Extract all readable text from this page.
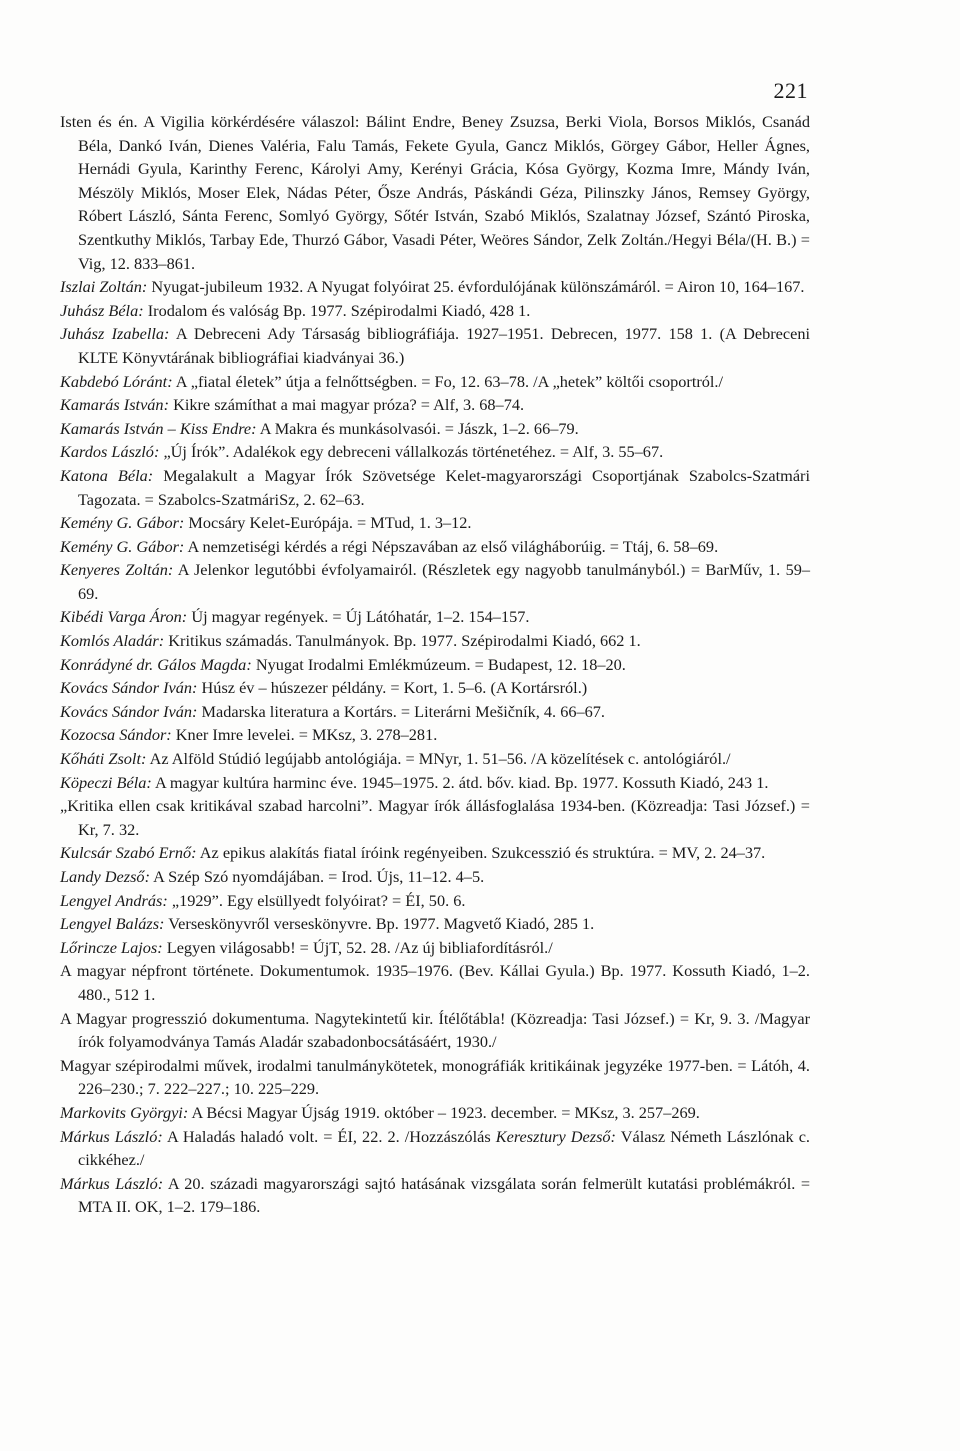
221
Isten és én. A Vigilia körkérdésére válaszol: Bálint Endre, Beney Zsuzsa, Berki Viola, Borsos Miklós, Csanád Béla, Dankó Iván, Dienes Valéria, Falu Tamás, Fekete Gyula, Gancz Miklós, Görgey Gábor, Heller Ágnes, Hernádi Gyula, Karinthy Ferenc, Károlyi Amy, Kerényi Grácia, Kósa György, Kozma Imre, Mándy Iván, Mészöly Miklós, Moser Elek, Nádas Péter, Ősze András, Páskándi Géza, Pilinszky János, Remsey György, Róbert László, Sánta Ferenc, Somlyó György, Sőtér István, Szabó Miklós, Szalatnay József, Szántó Piroska, Szentkuthy Miklós, Tarbay Ede, Thurzó Gábor, Vasadi Péter, Weöres Sándor, Zelk Zoltán./Hegyi Béla/(H. B.) = Vig, 12. 833–861.
Iszlai Zoltán: Nyugat-jubileum 1932. A Nyugat folyóirat 25. évfordulójának különszámáról. = Airon 10, 164–167.
Juhász Béla: Irodalom és valóság Bp. 1977. Szépirodalmi Kiadó, 428 1.
Juhász Izabella: A Debreceni Ady Társaság bibliográfiája. 1927–1951. Debrecen, 1977. 158 1. (A Debreceni KLTE Könyvtárának bibliográfiai kiadványai 36.)
Kabdebó Lóránt: A „fiatal életek” útja a felnőttségben. = Fo, 12. 63–78. /A „hetek” költői csoportról./
Kamarás István: Kikre számíthat a mai magyar próza? = Alf, 3. 68–74.
Kamarás István – Kiss Endre: A Makra és munkásolvasói. = Jászk, 1–2. 66–79.
Kardos László: „Új Írók”. Adalékok egy debreceni vállalkozás történetéhez. = Alf, 3. 55–67.
Katona Béla: Megalakult a Magyar Írók Szövetsége Kelet-magyarországi Csoportjának Szabolcs-Szatmári Tagozata. = Szabolcs-SzatmáriSz, 2. 62–63.
Kemény G. Gábor: Mocsáry Kelet-Európája. = MTud, 1. 3–12.
Kemény G. Gábor: A nemzetiségi kérdés a régi Népszavában az első világháborúig. = Ttáj, 6. 58–69.
Kenyeres Zoltán: A Jelenkor legutóbbi évfolyamairól. (Részletek egy nagyobb tanulmányból.) = BarMűv, 1. 59–69.
Kibédi Varga Áron: Új magyar regények. = Új Látóhatár, 1–2. 154–157.
Komlós Aladár: Kritikus számadás. Tanulmányok. Bp. 1977. Szépirodalmi Kiadó, 662 1.
Konrádyné dr. Gálos Magda: Nyugat Irodalmi Emlékmúzeum. = Budapest, 12. 18–20.
Kovács Sándor Iván: Húsz év – húszezer példány. = Kort, 1. 5–6. (A Kortársról.)
Kovács Sándor Iván: Madarska literatura a Kortárs. = Literárni Mešičník, 4. 66–67.
Kozocsa Sándor: Kner Imre levelei. = MKsz, 3. 278–281.
Kőháti Zsolt: Az Alföld Stúdió legújabb antológiája. = MNyr, 1. 51–56. /A közelítések c. antológiáról./
Köpeczi Béla: A magyar kultúra harminc éve. 1945–1975. 2. átd. bőv. kiad. Bp. 1977. Kossuth Kiadó, 243 1.
„Kritika ellen csak kritikával szabad harcolni”. Magyar írók állásfoglalása 1934-ben. (Közreadja: Tasi József.) = Kr, 7. 32.
Kulcsár Szabó Ernő: Az epikus alakítás fiatal íróink regényeiben. Szukcesszió és struktúra. = MV, 2. 24–37.
Landy Dezső: A Szép Szó nyomdájában. = Irod. Újs, 11–12. 4–5.
Lengyel András: „1929”. Egy elsüllyedt folyóirat? = ÉI, 50. 6.
Lengyel Balázs: Verseskönyvről verseskönyvre. Bp. 1977. Magvető Kiadó, 285 1.
Lőrincze Lajos: Legyen világosabb! = ÚjT, 52. 28. /Az új bibliafordításról./
A magyar népfront története. Dokumentumok. 1935–1976. (Bev. Kállai Gyula.) Bp. 1977. Kossuth Kiadó, 1–2. 480., 512 1.
A Magyar progresszió dokumentuma. Nagytekintetű kir. Ítélőtábla! (Közreadja: Tasi József.) = Kr, 9. 3. /Magyar írók folyamodványa Tamás Aladár szabadonbocsátásáért, 1930./
Magyar szépirodalmi művek, irodalmi tanulmánykötetek, monográfiák kritikáinak jegyzéke 1977-ben. = Látóh, 4. 226–230.; 7. 222–227.; 10. 225–229.
Markovits Györgyi: A Bécsi Magyar Újság 1919. október – 1923. december. = MKsz, 3. 257–269.
Márkus László: A Haladás haladó volt. = ÉI, 22. 2. /Hozzászólás Keresztury Dezső: Válasz Németh Lászlónak c. cikkéhez./
Márkus László: A 20. századi magyarországi sajtó hatásának vizsgálata során felmerült kutatási problémákról. = MTA II. OK, 1–2. 179–186.
